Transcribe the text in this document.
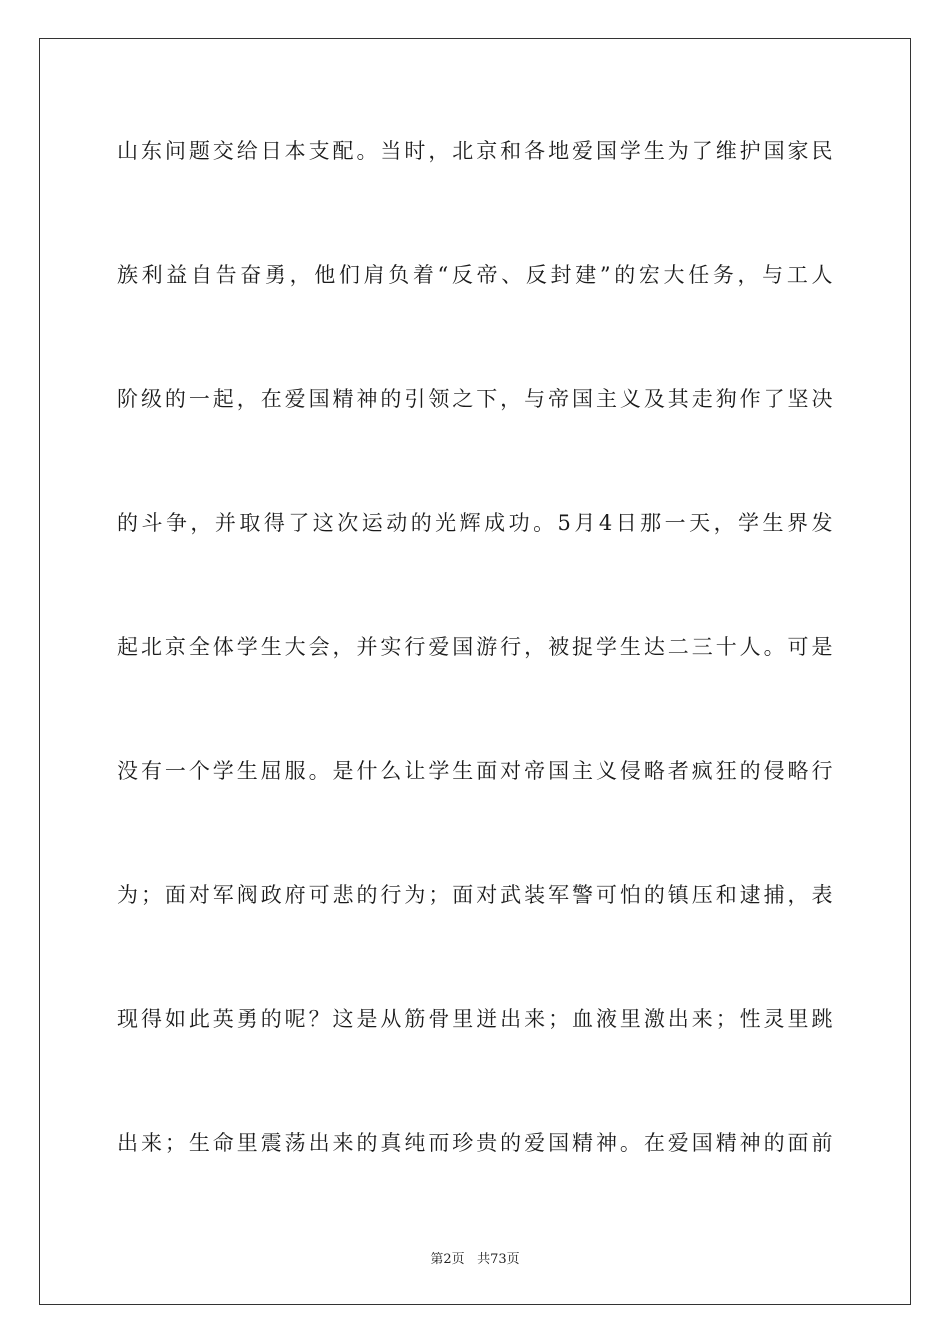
山东问题交给日本支配。当时，北京和各地爱国学生为了维护国家民
族利益自告奋勇，他们肩负着“反帝、反封建”的宏大任务，与工人
阶级的一起，在爱国精神的引领之下，与帝国主义及其走狗作了坚决
的斗争，并取得了这次运动的光辉成功。5月4日那一天，学生界发
起北京全体学生大会，并实行爱国游行，被捉学生达二三十人。可是
没有一个学生屈服。是什么让学生面对帝国主义侵略者疯狂的侵略行
为；面对军阀政府可悲的行为；面对武装军警可怕的镇压和逮捕，表
现得如此英勇的呢？这是从筋骨里迸出来；血液里激出来；性灵里跳
出来；生命里震荡出来的真纯而珍贵的爱国精神。在爱国精神的面前
第2页 共73页
